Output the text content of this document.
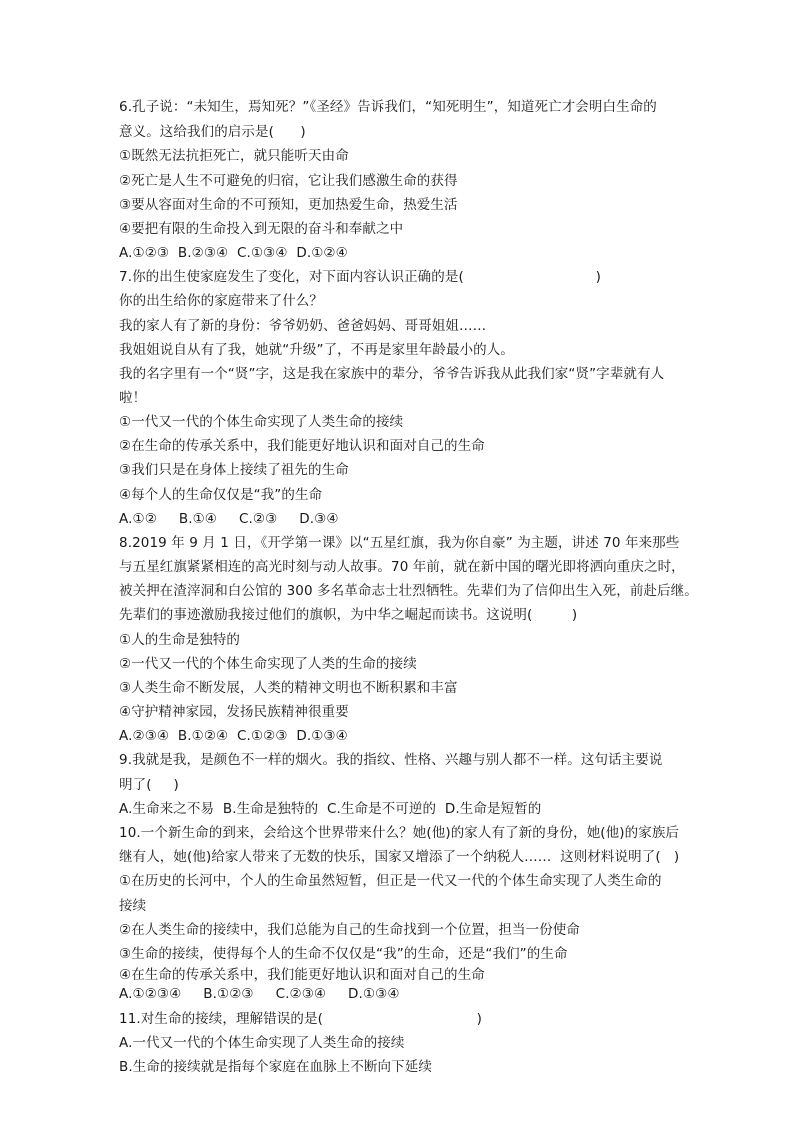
6.孔子说：“未知生，焉知死？”《圣经》告诉我们，“知死明生”，知道死亡才会明白生命的
意义。这给我们的启示是(      )
①既然无法抗拒死亡，就只能听天由命
②死亡是人生不可避免的归宿，它让我们感激生命的获得
③要从容面对生命的不可预知，更加热爱生命，热爱生活
④要把有限的生命投入到无限的奋斗和奉献之中
A.①②③  B.②③④  C.①③④  D.①②④
7.你的出生使家庭发生了变化，对下面内容认识正确的是(                              )
你的出生给你的家庭带来了什么？
我的家人有了新的身份：爷爷奶奶、爸爸妈妈、哥哥姐姐……
我姐姐说自从有了我，她就“升级”了，不再是家里年龄最小的人。
我的名字里有一个“贤”字，这是我在家族中的辈分，爷爷告诉我从此我们家“贤”字辈就有人
啦！
①一代又一代的个体生命实现了人类生命的接续
②在生命的传承关系中，我们能更好地认识和面对自己的生命
③我们只是在身体上接续了祖先的生命
④每个人的生命仅仅是“我”的生命
A.①②     B.①④     C.②③     D.③④
8.2019 年 9 月 1 日，《开学第一课》以“五星红旗，我为你自豪” 为主题，讲述 70 年来那些
与五星红旗紧紧相连的高光时刻与动人故事。70 年前，就在新中国的曙光即将洒向重庆之时，
被关押在渣滓洞和白公馆的 300 多名革命志士壮烈牺牲。先辈们为了信仰出生入死，前赴后继。
先辈们的事迹激励我接过他们的旗帜，为中华之崛起而读书。这说明(         )
①人的生命是独特的
②一代又一代的个体生命实现了人类的生命的接续
③人类生命不断发展，人类的精神文明也不断积累和丰富
④守护精神家园，发扬民族精神很重要
A.②③④  B.①②④  C.①②③  D.①③④
9.我就是我，是颜色不一样的烟火。我的指纹、性格、兴趣与别人都不一样。这句话主要说
明了(     )
A.生命来之不易  B.生命是独特的  C.生命是不可逆的  D.生命是短暂的
10.一个新生命的到来，会给这个世界带来什么？她(他)的家人有了新的身份，她(他)的家族后
继有人，她(他)给家人带来了无数的快乐，国家又增添了一个纳税人……  这则材料说明了(   )
①在历史的长河中，个人的生命虽然短暂，但正是一代又一代的个体生命实现了人类生命的
接续
②在人类生命的接续中，我们总能为自己的生命找到一个位置，担当一份使命
③生命的接续，使得每个人的生命不仅仅是“我”的生命，还是“我们”的生命
④在生命的传承关系中，我们能更好地认识和面对自己的生命
A.①②③④     B.①②③     C.②③④     D.①③④
11.对生命的接续，理解错误的是(                                   )
A.一代又一代的个体生命实现了人类生命的接续
B.生命的接续就是指每个家庭在血脉上不断向下延续
